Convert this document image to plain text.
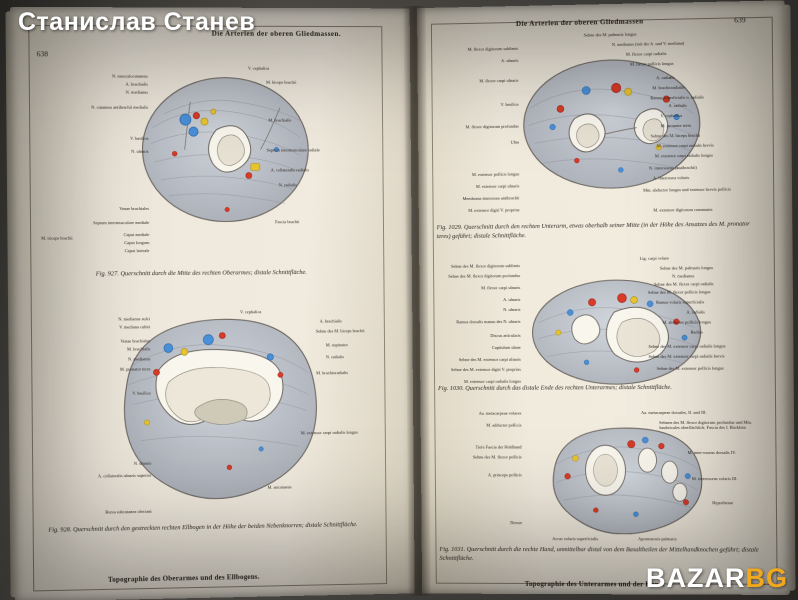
Die Arterien der oberen Gliedmassen.
638
N. musculocutaneus
A. brachialis
N. medianus
N. cutaneus antibrachii medialis
V. basilica
N. ulnaris
Venae brachiales
Septum intermusculare mediale
Caput mediale
Caput longum
Caput laterale
M. triceps brachii
V. cephalica
M. biceps brachii
M. brachialis
Septum intermusculare radiale
A. collateralis radialis
N. radialis
Fascia brachii
Fig. 927. Querschnitt durch die Mitte des rechten Oberarmes; distale Schnittfläche.
N. medianus sulci
V. mediana cubiti
Venae brachiales
M. brachialis
N. medianus
M. pronator teres
V. basilica
N. ulnaris
A. collateralis ulnaris superior
Bursa subcutanea olecrani
V. cephalica
A. brachialis
Sehne des M. biceps brachii
M. supinator
N. radialis
M. brachioradialis
M. extensor carpi radialis longus
M. anconaeus
Fig. 928. Querschnitt durch den gestreckten rechten Ellbogen in der Höhe der beiden Nebenknorren; distale Schnittfläche.
Topographie des Oberarmes und des Ellbogens.
Die Arterien der oberen Gliedmassen	639
M. flexor digitorum sublimis
A. ulnaris
M. flexor carpi ulnaris
V. basilica
M. flexor digitorum profundus
Ulna
M. extensor pollicis longus
M. extensor carpi ulnaris
Membrana interossea antibrachii
M. extensor digiti V. proprius
Sehne des M. palmaris longus
N. medianus (mit der A. und V. mediana)
M. flexor carpi radialis
M. flexor pollicis longus
A. radialis
M. brachioradialis
Ramus superficialis n. radialis
A. radialis
V. cephalica
M. pronator teres
Sehne des M. biceps brachii
M. extensor carpi radialis brevis
M. extensor carpi radialis longus
N. interosseus (antibrachii)
A. interossea volaris
Mm. abductor longus und extensor brevis pollicis
M. extensor digitorum communis
Fig. 1029. Querschnitt durch den rechten Unterarm, etwas oberhalb seiner Mitte (in der Höhe des Ansatzes des M. pronator teres) geführt; distale Schnittfläche.
Sehne des M. flexor digitorum sublimis
Sehne des M. flexor digitorum profundus
M. flexor carpi ulnaris
A. ulnaris
N. ulnaris
Ramus dorsalis manus des N. ulnaris
Discus articularis
Capitulum ulnae
Sehne des M. extensor carpi ulnaris
Sehne des M. extensor digiti V. proprius
M. extensor carpi radialis longus
Lig. carpi volare
Sehne des M. palmaris longus
N. medianus
Sehne des M. flexor carpi radialis
Sehne des M. flexor pollicis longus
Ramus volaris superficialis
A. radialis
M. abductor pollicis longus
Radius
Sehne des M. extensor carpi radialis longus
Sehne des M. extensor carpi radialis brevis
Sehne des M. extensor pollicis longus
Fig. 1030. Querschnitt durch das distale Ende des rechten Unterarmes; distale Schnittfläche.
Aa. metacarpeae volares
M. adductor pollicis
Tiefe Fascia der Hohlhand
Sehne des M. flexor pollicis
A. princeps pollicis
Thenar
Arcus volaris superficialis
Aa. metacarpeae dorsales, II. und III.
Sehnen des M. flexor digitorum profundus und Mm. lumbricales oberflächlich; Fascia des I. Rücklein
M. inter-osseus dorsalis IV.
M. interosseus volaris III.
Hypothenar
Aponeurosis palmaris
Fig. 1031. Querschnitt durch die rechte Hand, unmittelbar distal von dem Basaltheilen der Mittelhandknochen geführt; distale Schnittfläche.
Topographie des Unterarmes und der Hand.
Станислав Станев
BAZARBG
